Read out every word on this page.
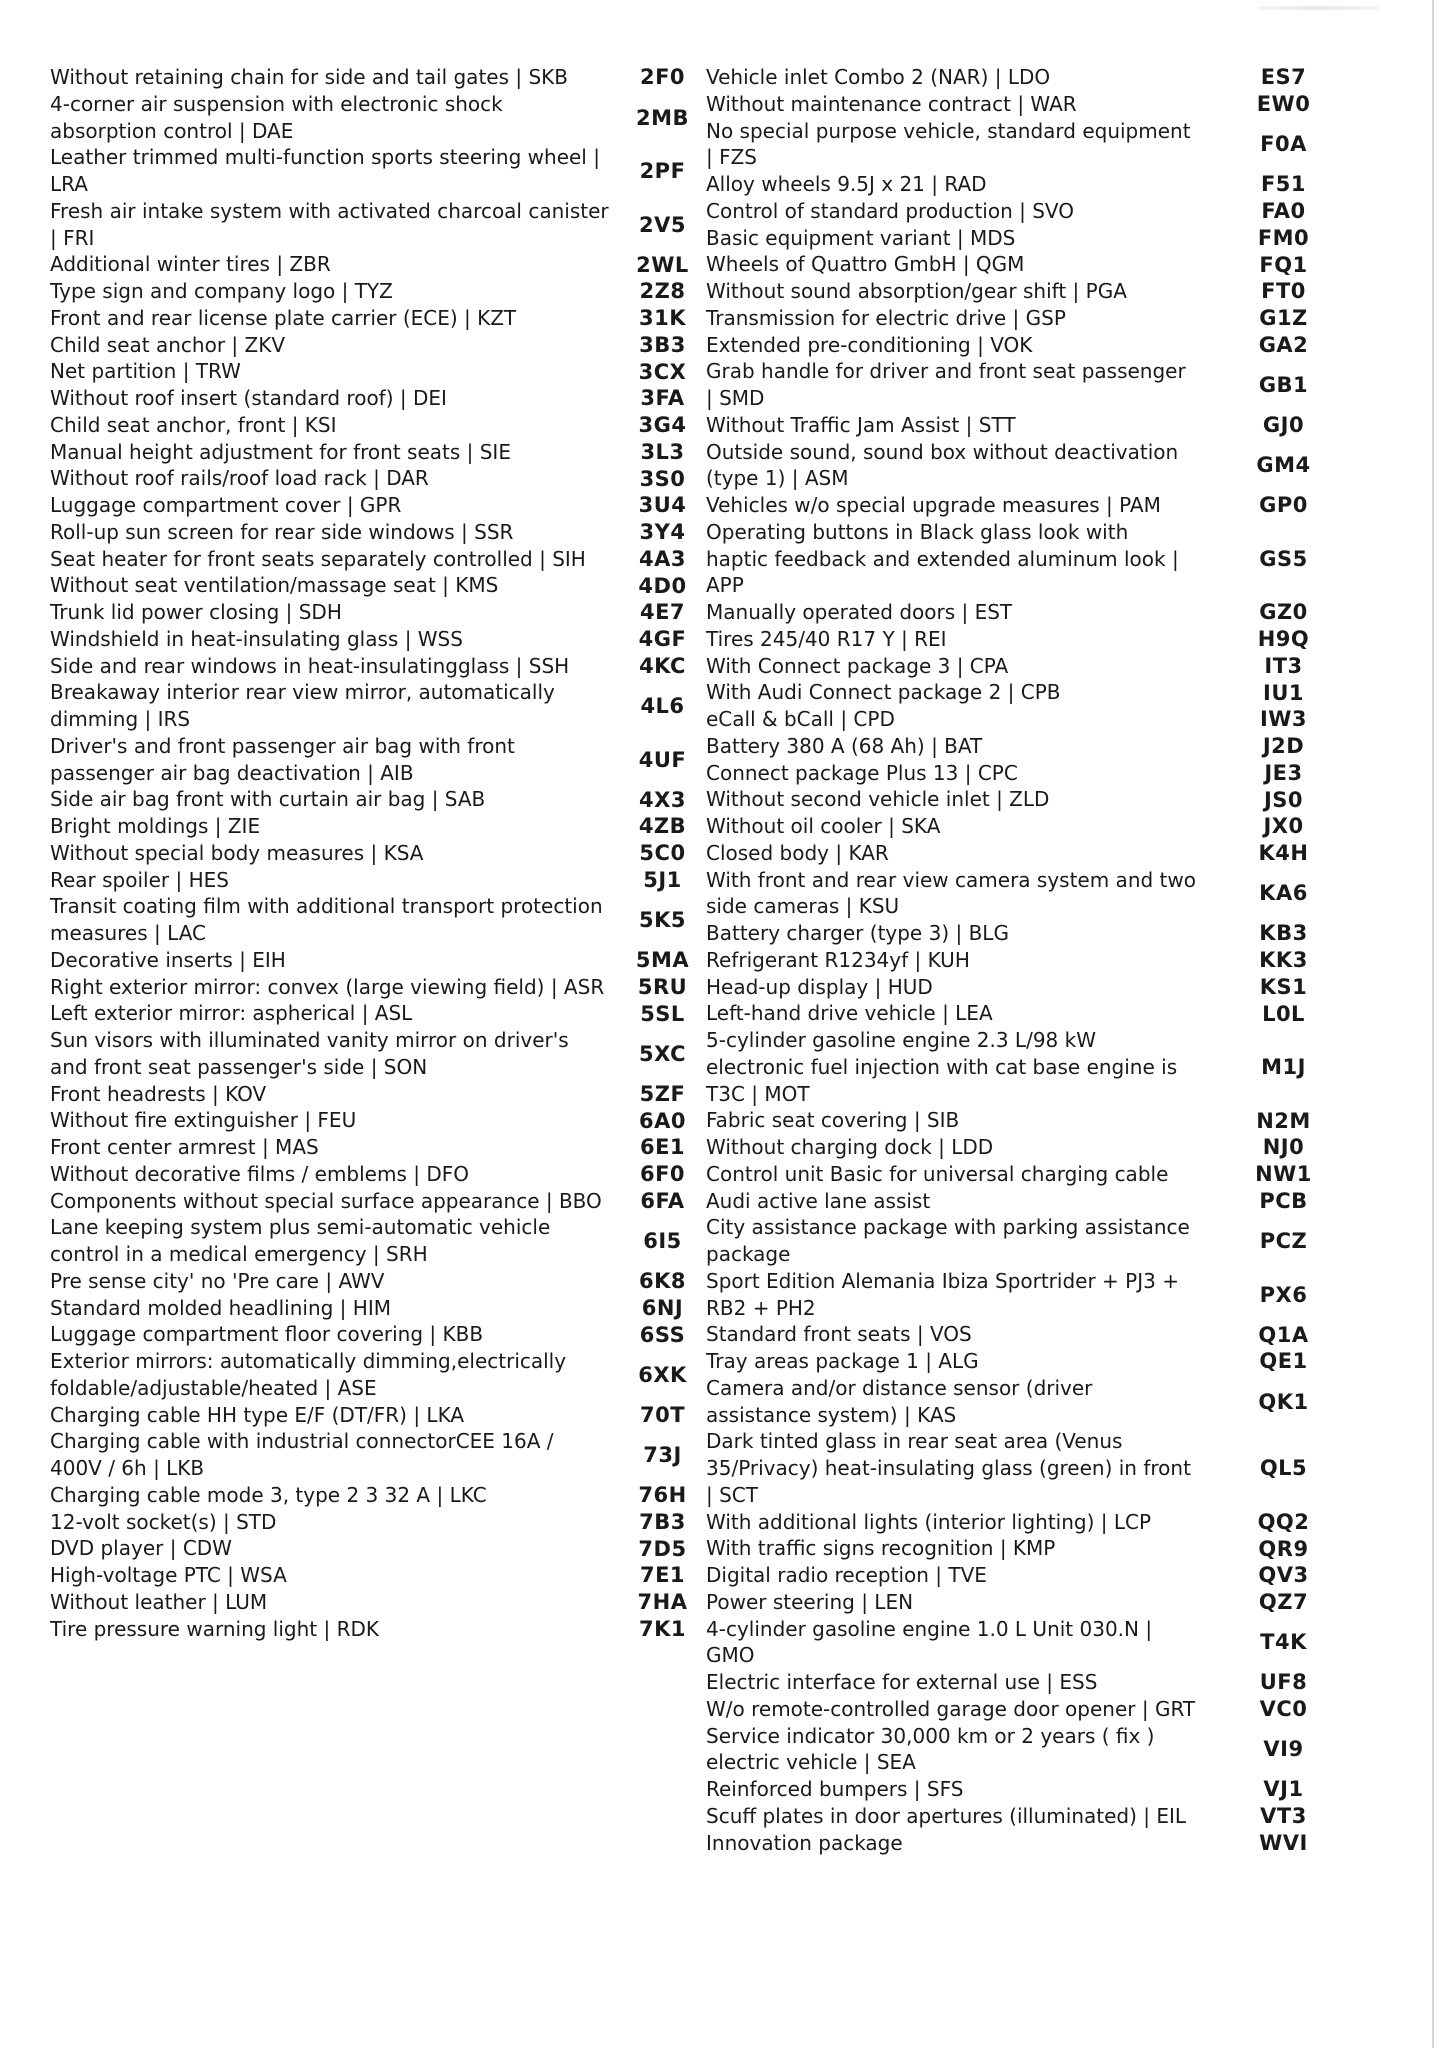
Without retaining chain for side and tail gates | SKB	2F0
4-corner air suspension with electronic shock absorption control | DAE	2MB
Leather trimmed multi-function sports steering wheel | LRA	2PF
Fresh air intake system with activated charcoal canister | FRI	2V5
Additional winter tires | ZBR	2WL
Type sign and company logo | TYZ	2Z8
Front and rear license plate carrier (ECE) | KZT	31K
Child seat anchor | ZKV	3B3
Net partition | TRW	3CX
Without roof insert (standard roof) | DEI	3FA
Child seat anchor, front | KSI	3G4
Manual height adjustment for front seats | SIE	3L3
Without roof rails/roof load rack | DAR	3S0
Luggage compartment cover | GPR	3U4
Roll-up sun screen for rear side windows | SSR	3Y4
Seat heater for front seats separately controlled | SIH	4A3
Without seat ventilation/massage seat | KMS	4D0
Trunk lid power closing | SDH	4E7
Windshield in heat-insulating glass | WSS	4GF
Side and rear windows in heat-insulatingglass | SSH	4KC
Breakaway interior rear view mirror, automatically dimming | IRS	4L6
Driver's and front passenger air bag with front passenger air bag deactivation | AIB	4UF
Side air bag front with curtain air bag | SAB	4X3
Bright moldings | ZIE	4ZB
Without special body measures | KSA	5C0
Rear spoiler | HES	5J1
Transit coating film with additional transport protection measures | LAC	5K5
Decorative inserts | EIH	5MA
Right exterior mirror: convex (large viewing field) | ASR	5RU
Left exterior mirror: aspherical | ASL	5SL
Sun visors with illuminated vanity mirror on driver's and front seat passenger's side | SON	5XC
Front headrests | KOV	5ZF
Without fire extinguisher | FEU	6A0
Front center armrest | MAS	6E1
Without decorative films / emblems | DFO	6F0
Components without special surface appearance | BBO	6FA
Lane keeping system plus semi-automatic vehicle control in a medical emergency | SRH	6I5
Pre sense city' no 'Pre care | AWV	6K8
Standard molded headlining | HIM	6NJ
Luggage compartment floor covering | KBB	6SS
Exterior mirrors: automatically dimming,electrically foldable/adjustable/heated | ASE	6XK
Charging cable HH type E/F (DT/FR) | LKA	70T
Charging cable with industrial connectorCEE 16A / 400V / 6h | LKB	73J
Charging cable mode 3, type 2 3 32 A | LKC	76H
12-volt socket(s) | STD	7B3
DVD player | CDW	7D5
High-voltage PTC | WSA	7E1
Without leather | LUM	7HA
Tire pressure warning light | RDK	7K1
Vehicle inlet Combo 2 (NAR) | LDO	ES7
Without maintenance contract | WAR	EW0
No special purpose vehicle, standard equipment | FZS	F0A
Alloy wheels 9.5J x 21 | RAD	F51
Control of standard production | SVO	FA0
Basic equipment variant | MDS	FM0
Wheels of Quattro GmbH | QGM	FQ1
Without sound absorption/gear shift | PGA	FT0
Transmission for electric drive | GSP	G1Z
Extended pre-conditioning | VOK	GA2
Grab handle for driver and front seat passenger | SMD	GB1
Without Traffic Jam Assist | STT	GJ0
Outside sound, sound box without deactivation (type 1) | ASM	GM4
Vehicles w/o special upgrade measures | PAM	GP0
Operating buttons in Black glass look with haptic feedback and extended aluminum look | APP	GS5
Manually operated doors | EST	GZ0
Tires 245/40 R17 Y | REI	H9Q
With Connect package 3 | CPA	IT3
With Audi Connect package 2 | CPB	IU1
eCall & bCall | CPD	IW3
Battery 380 A (68 Ah) | BAT	J2D
Connect package Plus 13 | CPC	JE3
Without second vehicle inlet | ZLD	JS0
Without oil cooler | SKA	JX0
Closed body | KAR	K4H
With front and rear view camera system and two side cameras | KSU	KA6
Battery charger (type 3) | BLG	KB3
Refrigerant R1234yf | KUH	KK3
Head-up display | HUD	KS1
Left-hand drive vehicle | LEA	L0L
5-cylinder gasoline engine 2.3 L/98 kW electronic fuel injection with cat base engine is T3C | MOT	M1J
Fabric seat covering | SIB	N2M
Without charging dock | LDD	NJ0
Control unit Basic for universal charging cable	NW1
Audi active lane assist	PCB
City assistance package with parking assistance package	PCZ
Sport Edition Alemania Ibiza Sportrider + PJ3 + RB2 + PH2	PX6
Standard front seats | VOS	Q1A
Tray areas package 1 | ALG	QE1
Camera and/or distance sensor (driver assistance system) | KAS	QK1
Dark tinted glass in rear seat area (Venus 35/Privacy) heat-insulating glass (green) in front | SCT	QL5
With additional lights (interior lighting) | LCP	QQ2
With traffic signs recognition | KMP	QR9
Digital radio reception | TVE	QV3
Power steering | LEN	QZ7
4-cylinder gasoline engine 1.0 L Unit 030.N | GMO	T4K
Electric interface for external use | ESS	UF8
W/o remote-controlled garage door opener | GRT	VC0
Service indicator 30,000 km or 2 years ( fix ) electric vehicle | SEA	VI9
Reinforced bumpers | SFS	VJ1
Scuff plates in door apertures (illuminated) | EIL	VT3
Innovation package	WVI
